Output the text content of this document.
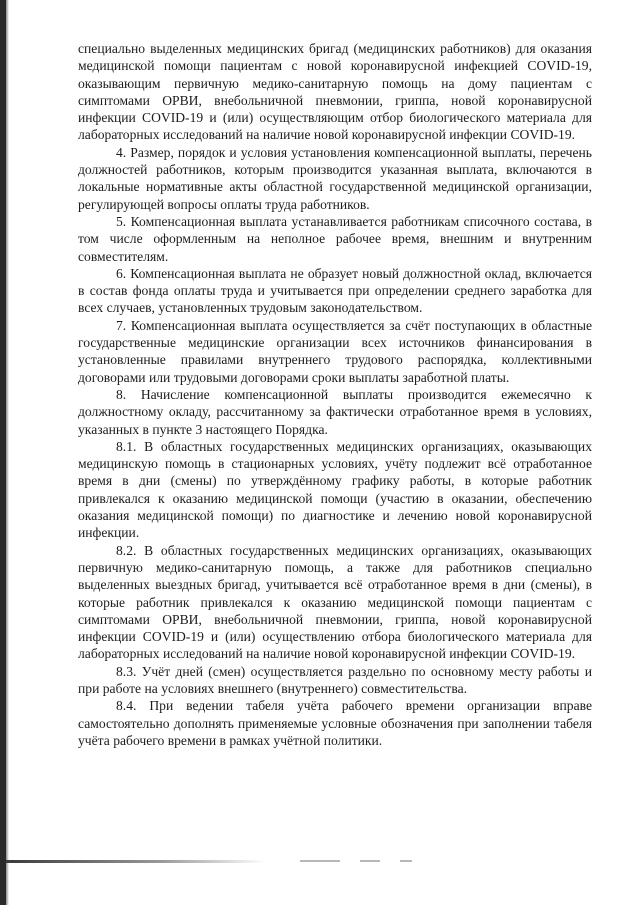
специально выделенных медицинских бригад (медицинских работников) для оказания медицинской помощи пациентам с новой коронавирусной инфекцией COVID-19, оказывающим первичную медико-санитарную помощь на дому пациентам с симптомами ОРВИ, внебольничной пневмонии, гриппа, новой коронавирусной инфекции COVID-19 и (или) осуществляющим отбор биологического материала для лабораторных исследований на наличие новой коронавирусной инфекции COVID-19.

4. Размер, порядок и условия установления компенсационной выплаты, перечень должностей работников, которым производится указанная выплата, включаются в локальные нормативные акты областной государственной медицинской организации, регулирующей вопросы оплаты труда работников.

5. Компенсационная выплата устанавливается работникам списочного состава, в том числе оформленным на неполное рабочее время, внешним и внутренним совместителям.

6. Компенсационная выплата не образует новый должностной оклад, включается в состав фонда оплаты труда и учитывается при определении среднего заработка для всех случаев, установленных трудовым законодательством.

7. Компенсационная выплата осуществляется за счёт поступающих в областные государственные медицинские организации всех источников финансирования в установленные правилами внутреннего трудового распорядка, коллективными договорами или трудовыми договорами сроки выплаты заработной платы.

8. Начисление компенсационной выплаты производится ежемесячно к должностному окладу, рассчитанному за фактически отработанное время в условиях, указанных в пункте 3 настоящего Порядка.

8.1. В областных государственных медицинских организациях, оказывающих медицинскую помощь в стационарных условиях, учёту подлежит всё отработанное время в дни (смены) по утверждённому графику работы, в которые работник привлекался к оказанию медицинской помощи (участию в оказании, обеспечению оказания медицинской помощи) по диагностике и лечению новой коронавирусной инфекции.

8.2. В областных государственных медицинских организациях, оказывающих первичную медико-санитарную помощь, а также для работников специально выделенных выездных бригад, учитывается всё отработанное время в дни (смены), в которые работник привлекался к оказанию медицинской помощи пациентам с симптомами ОРВИ, внебольничной пневмонии, гриппа, новой коронавирусной инфекции COVID-19 и (или) осуществлению отбора биологического материала для лабораторных исследований на наличие новой коронавирусной инфекции COVID-19.

8.3. Учёт дней (смен) осуществляется раздельно по основному месту работы и при работе на условиях внешнего (внутреннего) совместительства.

8.4. При ведении табеля учёта рабочего времени организации вправе самостоятельно дополнять применяемые условные обозначения при заполнении табеля учёта рабочего времени в рамках учётной политики.
